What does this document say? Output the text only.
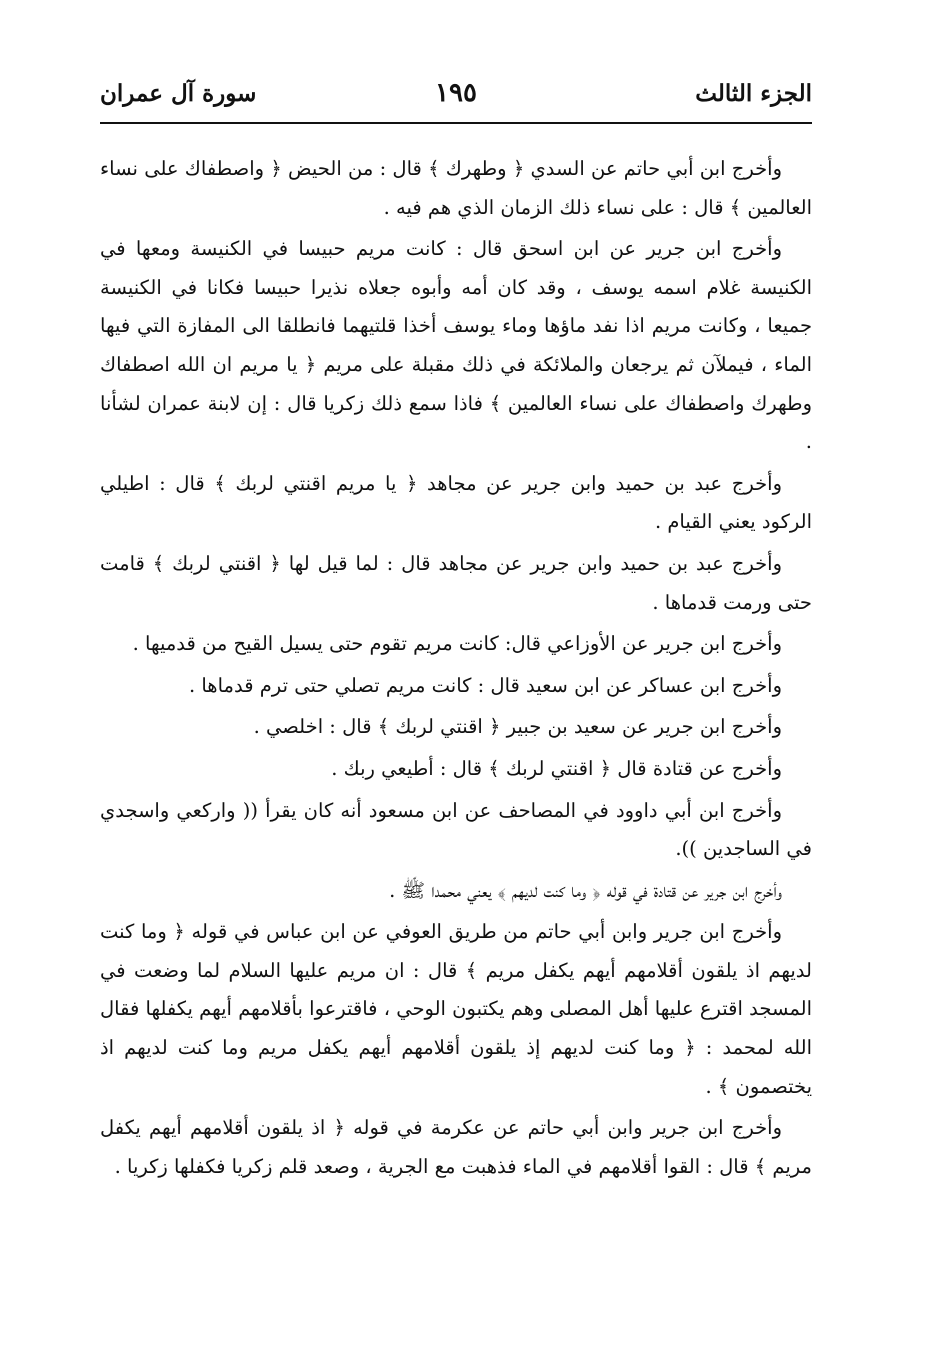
الجزء الثالث
١٩٥
سورة آل عمران

وأخرج ابن أبي حاتم عن السدي ﴿ وطهرك ﴾ قال : من الحيض ﴿ واصطفاك على نساء العالمين ﴾ قال : على نساء ذلك الزمان الذي هم فيه .

وأخرج ابن جرير عن ابن اسحق قال : كانت مريم حبيسا في الكنيسة ومعها في الكنيسة غلام اسمه يوسف ، وقد كان أمه وأبوه جعلاه نذيرا حبيسا فكانا في الكنيسة جميعا ، وكانت مريم اذا نفد ماؤها وماء يوسف أخذا قلتيهما فانطلقا الى المفازة التي فيها الماء ، فيملآن ثم يرجعان والملائكة في ذلك مقبلة على مريم ﴿ يا مريم ان الله اصطفاك وطهرك واصطفاك على نساء العالمين ﴾ فاذا سمع ذلك زكريا قال : إن لابنة عمران لشأنا .

وأخرج عبد بن حميد وابن جرير عن مجاهد ﴿ يا مريم اقنتي لربك ﴾ قال : اطيلي الركود يعني القيام .

وأخرج عبد بن حميد وابن جرير عن مجاهد قال : لما قيل لها ﴿ اقنتي لربك ﴾ قامت حتى ورمت قدماها .

وأخرج ابن جرير عن الأوزاعي قال: كانت مريم تقوم حتى يسيل القيح من قدميها .

وأخرج ابن عساكر عن ابن سعيد قال : كانت مريم تصلي حتى ترم قدماها .

وأخرج ابن جرير عن سعيد بن جبير ﴿ اقنتي لربك ﴾ قال : اخلصي .

وأخرج عن قتادة قال ﴿ اقنتي لربك ﴾ قال : أطيعي ربك .

وأخرج ابن أبي داوود في المصاحف عن ابن مسعود أنه كان يقرأ (( واركعي واسجدي في الساجدين )).

وأخرج ابن جرير عن قتادة في قوله ﴿ وما كنت لديهم ﴾ يعني محمدا ﷺ .

وأخرج ابن جرير وابن أبي حاتم من طريق العوفي عن ابن عباس في قوله ﴿ وما كنت لديهم اذ يلقون أقلامهم أيهم يكفل مريم ﴾ قال : ان مريم عليها السلام لما وضعت في المسجد اقترع عليها أهل المصلى وهم يكتبون الوحي ، فاقترعوا بأقلامهم أيهم يكفلها فقال الله لمحمد : ﴿ وما كنت لديهم إذ يلقون أقلامهم أيهم يكفل مريم وما كنت لديهم اذ يختصمون ﴾ .

وأخرج ابن جرير وابن أبي حاتم عن عكرمة في قوله ﴿ اذ يلقون أقلامهم أيهم يكفل مريم ﴾ قال : القوا أقلامهم في الماء فذهبت مع الجرية ، وصعد قلم زكريا فكفلها زكريا .
